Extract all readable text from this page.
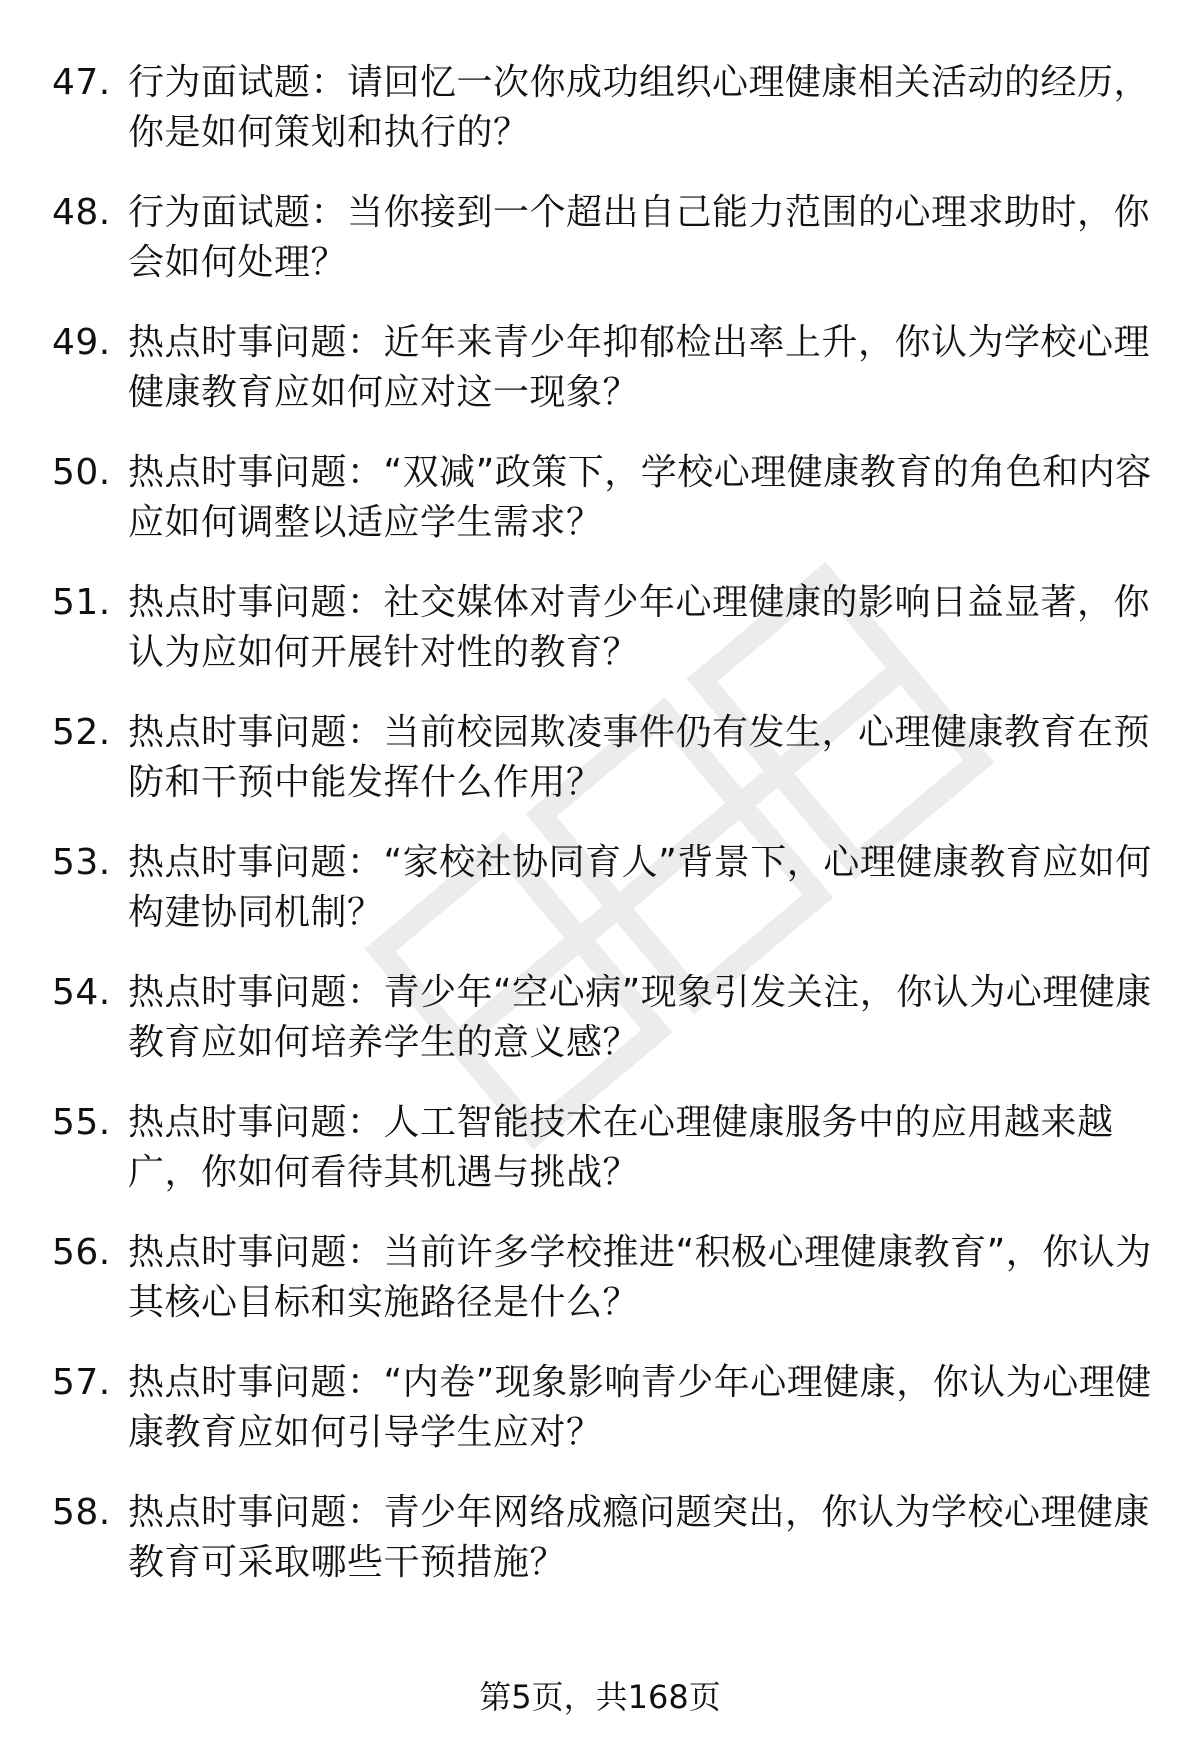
47. 行为面试题：请回忆一次你成功组织心理健康相关活动的经历，你是如何策划和执行的？
48. 行为面试题：当你接到一个超出自己能力范围的心理求助时，你会如何处理？
49. 热点时事问题：近年来青少年抑郁检出率上升，你认为学校心理健康教育应如何应对这一现象？
50. 热点时事问题：“双减”政策下，学校心理健康教育的角色和内容应如何调整以适应学生需求？
51. 热点时事问题：社交媒体对青少年心理健康的影响日益显著，你认为应如何开展针对性的教育？
52. 热点时事问题：当前校园欺凌事件仍有发生，心理健康教育在预防和干预中能发挥什么作用？
53. 热点时事问题：“家校社协同育人”背景下，心理健康教育应如何构建协同机制？
54. 热点时事问题：青少年“空心病”现象引发关注，你认为心理健康教育应如何培养学生的意义感？
55. 热点时事问题：人工智能技术在心理健康服务中的应用越来越广，你如何看待其机遇与挑战？
56. 热点时事问题：当前许多学校推进“积极心理健康教育”，你认为其核心目标和实施路径是什么？
57. 热点时事问题：“内卷”现象影响青少年心理健康，你认为心理健康教育应如何引导学生应对？
58. 热点时事问题：青少年网络成瘾问题突出，你认为学校心理健康教育可采取哪些干预措施？
第5页，共168页
